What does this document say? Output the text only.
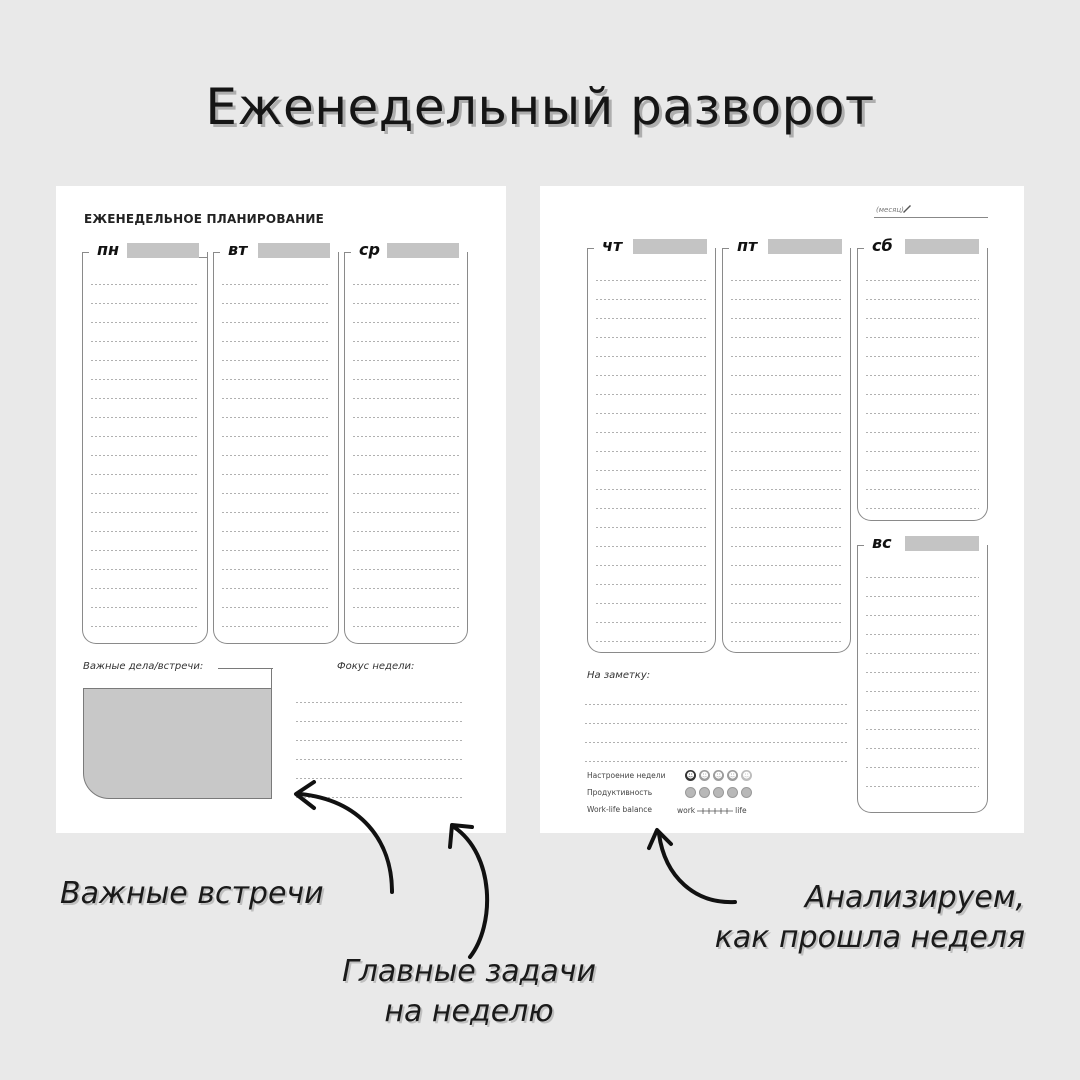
Еженедельный разворот
ЕЖЕНЕДЕЛЬНОЕ ПЛАНИРОВАНИЕ
пн	вт	ср
Важные дела/встречи:	Фокус недели:
(месяц)
чт	пт	сб
вс
На заметку:
Настроение недели	☻ ☻ ☻ ☻ ☻
Продуктивность
Work-life balance	work	life
Важные встречи
Главные задачи
на неделю
Анализируем,
как прошла неделя
